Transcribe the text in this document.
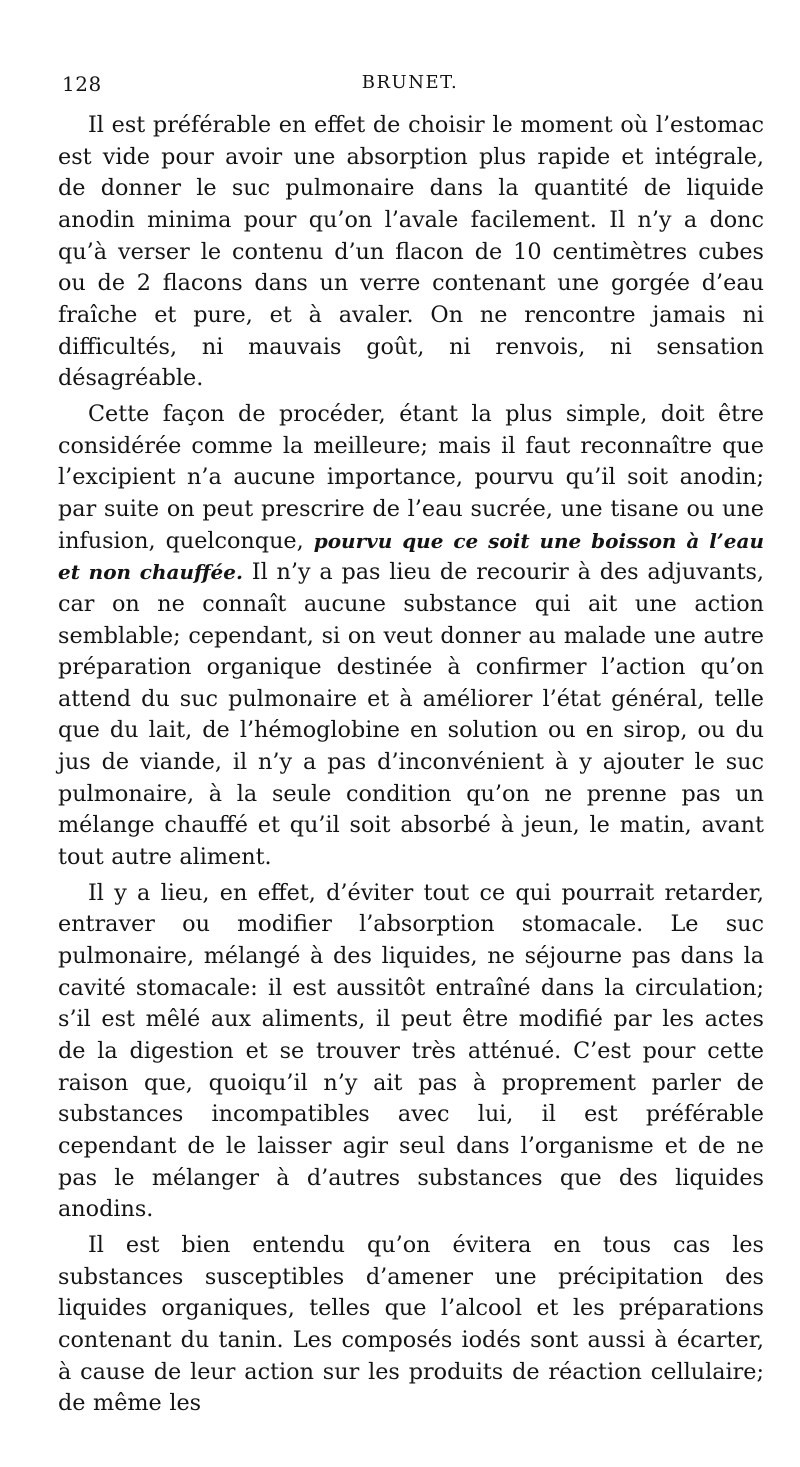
128	BRUNET.

Il est préférable en effet de choisir le moment où l’estomac est vide pour avoir une absorption plus rapide et intégrale, de donner le suc pulmonaire dans la quantité de liquide anodin minima pour qu’on l’avale facilement. Il n’y a donc qu’à verser le contenu d’un flacon de 10 centimètres cubes ou de 2 flacons dans un verre contenant une gorgée d’eau fraîche et pure, et à avaler. On ne rencontre jamais ni difficultés, ni mauvais goût, ni renvois, ni sensation désagréable.

Cette façon de procéder, étant la plus simple, doit être considérée comme la meilleure; mais il faut reconnaître que l’excipient n’a aucune importance, pourvu qu’il soit anodin; par suite on peut prescrire de l’eau sucrée, une tisane ou une infusion, quelconque, pourvu que ce soit une boisson à l’eau et non chauffée. Il n’y a pas lieu de recourir à des adjuvants, car on ne connaît aucune substance qui ait une action semblable; cependant, si on veut donner au malade une autre préparation organique destinée à confirmer l’action qu’on attend du suc pulmonaire et à améliorer l’état général, telle que du lait, de l’hémoglobine en solution ou en sirop, ou du jus de viande, il n’y a pas d’inconvénient à y ajouter le suc pulmonaire, à la seule condition qu’on ne prenne pas un mélange chauffé et qu’il soit absorbé à jeun, le matin, avant tout autre aliment.

Il y a lieu, en effet, d’éviter tout ce qui pourrait retarder, entraver ou modifier l’absorption stomacale. Le suc pulmonaire, mélangé à des liquides, ne séjourne pas dans la cavité stomacale: il est aussitôt entraîné dans la circulation; s’il est mêlé aux aliments, il peut être modifié par les actes de la digestion et se trouver très atténué. C’est pour cette raison que, quoiqu’il n’y ait pas à proprement parler de substances incompatibles avec lui, il est préférable cependant de le laisser agir seul dans l’organisme et de ne pas le mélanger à d’autres substances que des liquides anodins.

Il est bien entendu qu’on évitera en tous cas les substances susceptibles d’amener une précipitation des liquides organiques, telles que l’alcool et les préparations contenant du tanin. Les composés iodés sont aussi à écarter, à cause de leur action sur les produits de réaction cellulaire; de même les
